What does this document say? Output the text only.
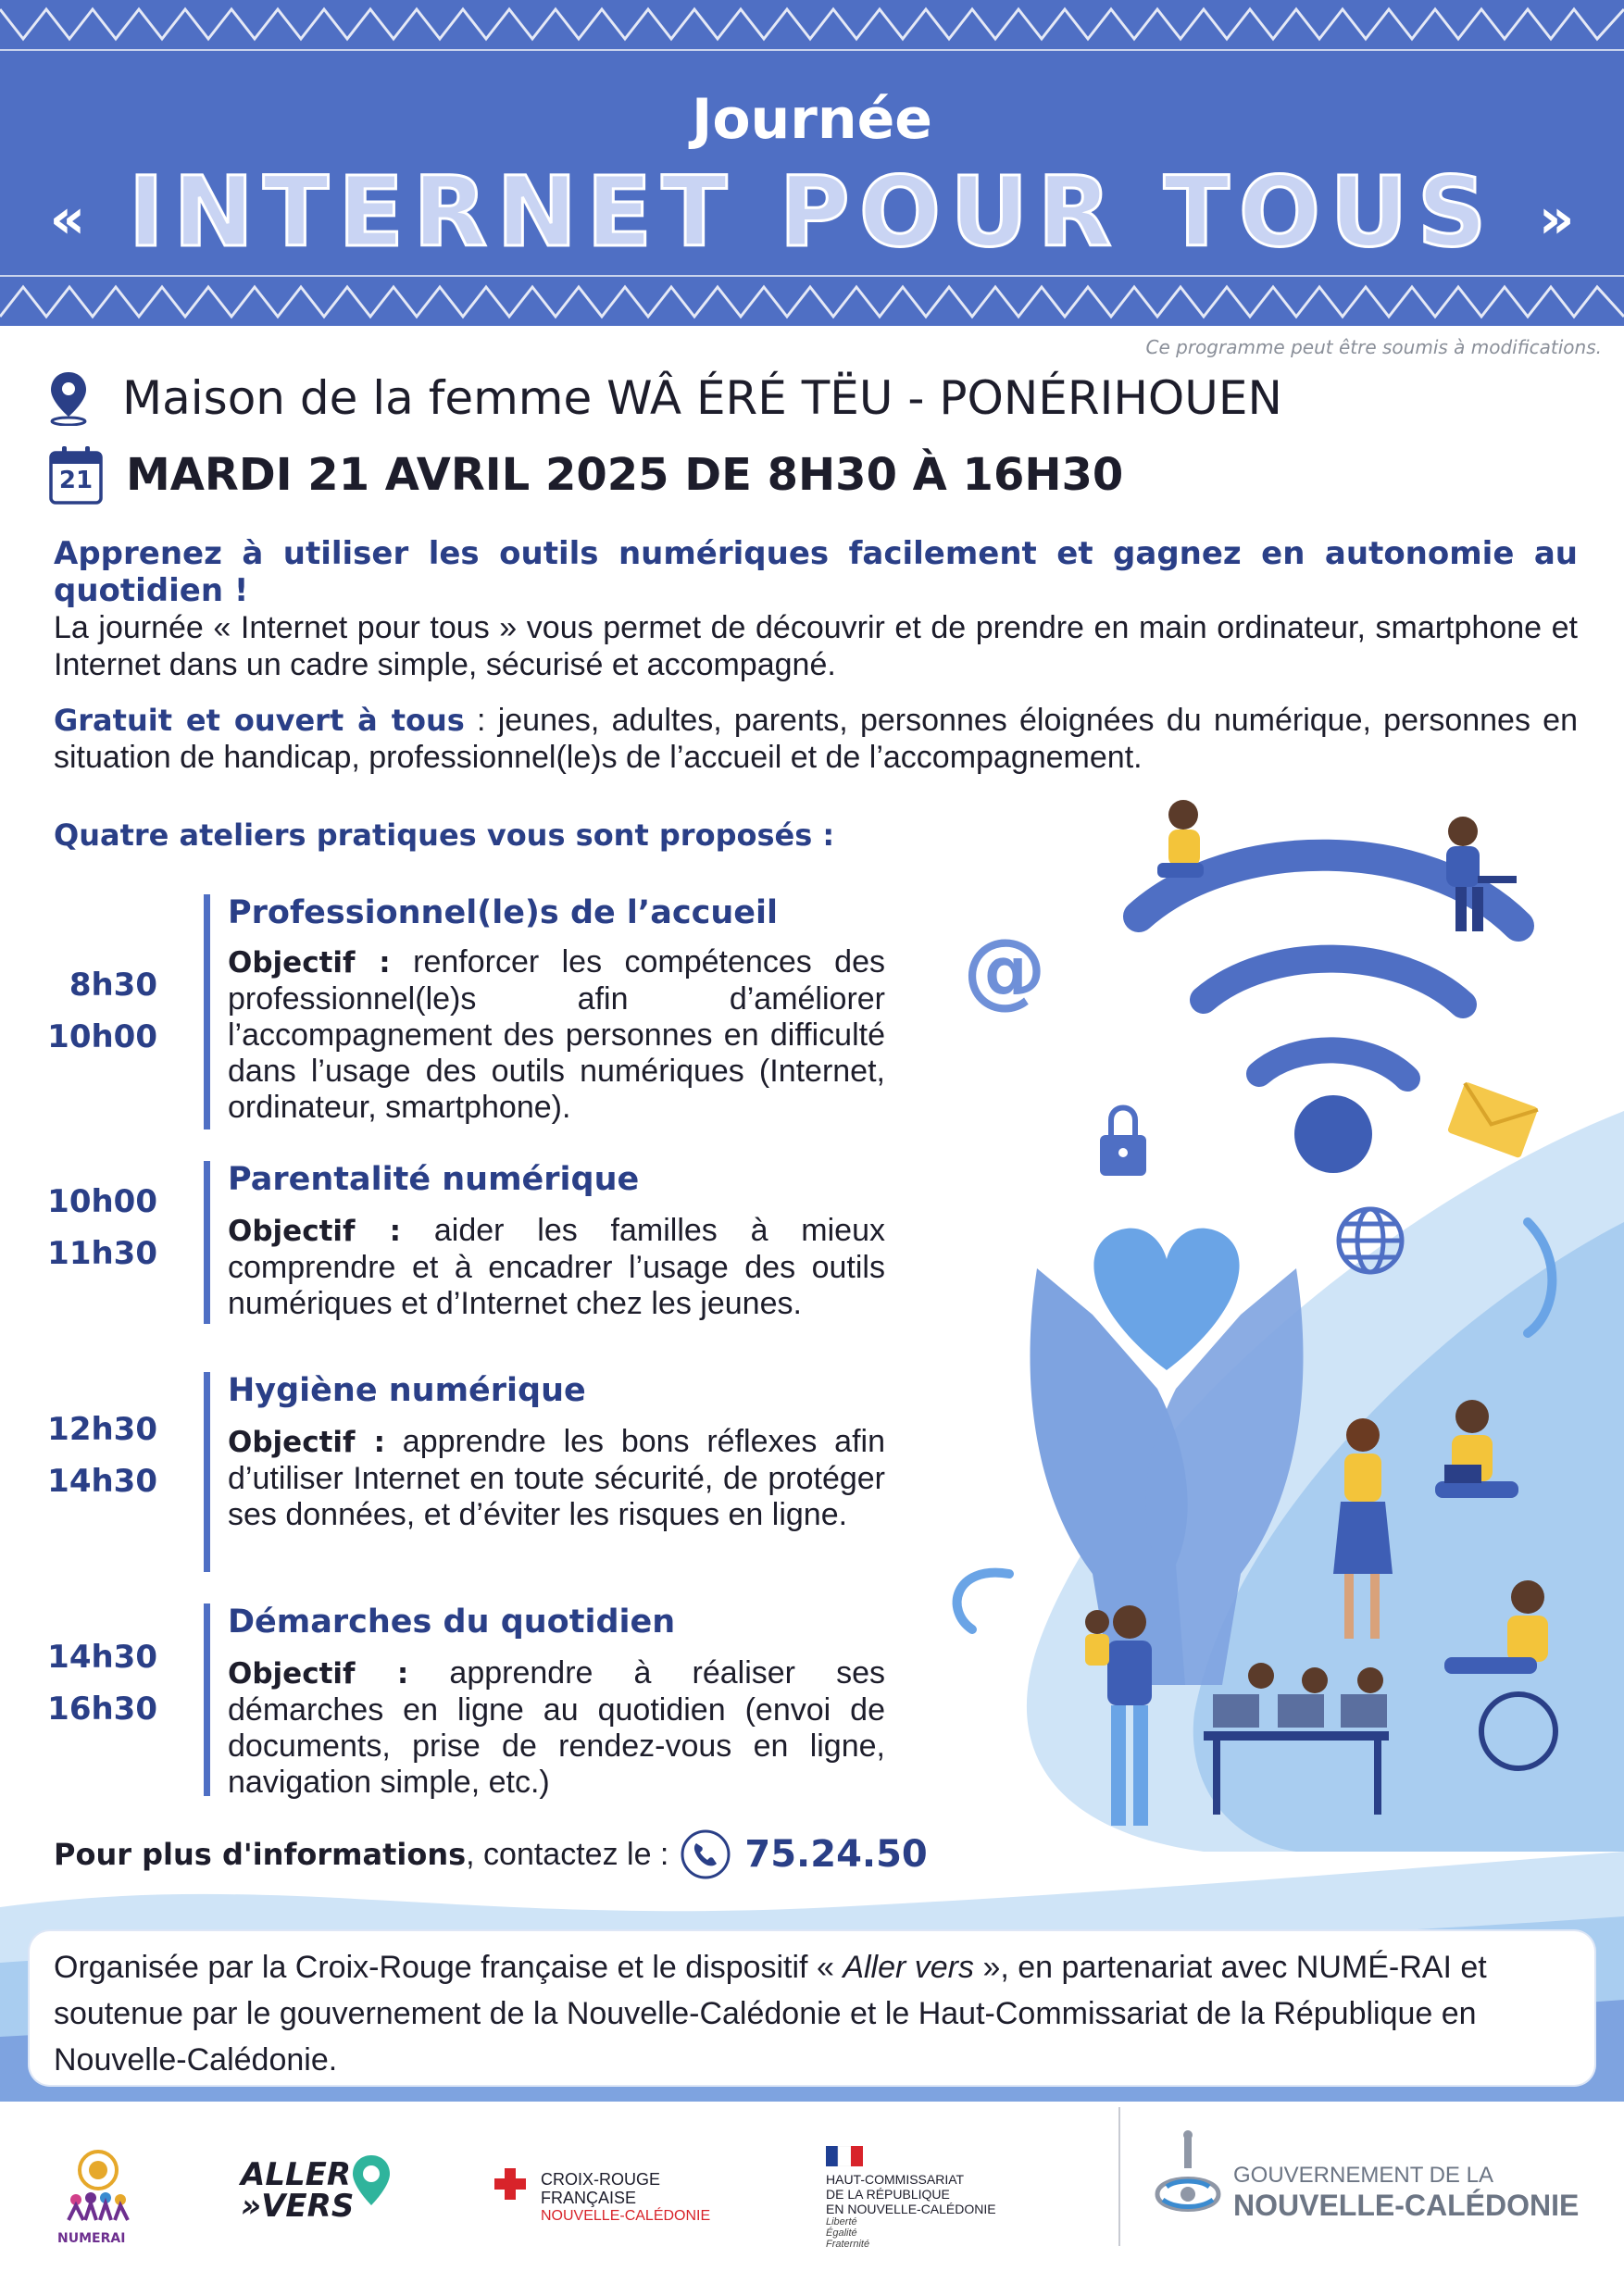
Journée
« INTERNET POUR TOUS »
Ce programme peut être soumis à modifications.
Maison de la femme WÂ ÉRÉ TËU - PONÉRIHOUEN
21 MARDI 21 AVRIL 2025 DE 8H30 À 16H30
Apprenez à utiliser les outils numériques facilement et gagnez en autonomie au quotidien !
La journée « Internet pour tous » vous permet de découvrir et de prendre en main ordinateur, smartphone et Internet dans un cadre simple, sécurisé et accompagné.
Gratuit et ouvert à tous : jeunes, adultes, parents, personnes éloignées du numérique, personnes en situation de handicap, professionnel(le)s de l’accueil et de l’accompagnement.
Quatre ateliers pratiques vous sont proposés :
8h30
10h00
Professionnel(le)s de l’accueil
Objectif : renforcer les compétences des professionnel(le)s afin d’améliorer l’accompagnement des personnes en difficulté dans l’usage des outils numériques (Internet, ordinateur, smartphone).
10h00
11h30
Parentalité numérique
Objectif : aider les familles à mieux comprendre et à encadrer l’usage des outils numériques et d’Internet chez les jeunes.
12h30
14h30
Hygiène numérique
Objectif : apprendre les bons réflexes afin d’utiliser Internet en toute sécurité, de protéger ses données, et d’éviter les risques en ligne.
14h30
16h30
Démarches du quotidien
Objectif : apprendre à réaliser ses démarches en ligne au quotidien (envoi de documents, prise de rendez-vous en ligne, navigation simple, etc.)
@
Pour plus d'informations , contactez le : 75.24.50
Organisée par la Croix-Rouge française et le dispositif « Aller vers », en partenariat avec NUMÉ-RAI et soutenue par le gouvernement de la Nouvelle-Calédonie et le Haut-Commissariat de la République en Nouvelle-Calédonie.
NUMERAI
ALLER
»VERS
CROIX-ROUGE
FRANÇAISE
NOUVELLE-CALÉDONIE
HAUT-COMMISSARIAT
DE LA RÉPUBLIQUE
EN NOUVELLE-CALÉDONIE
Liberté
Égalité
Fraternité
GOUVERNEMENT DE LA
NOUVELLE-CALÉDONIE
